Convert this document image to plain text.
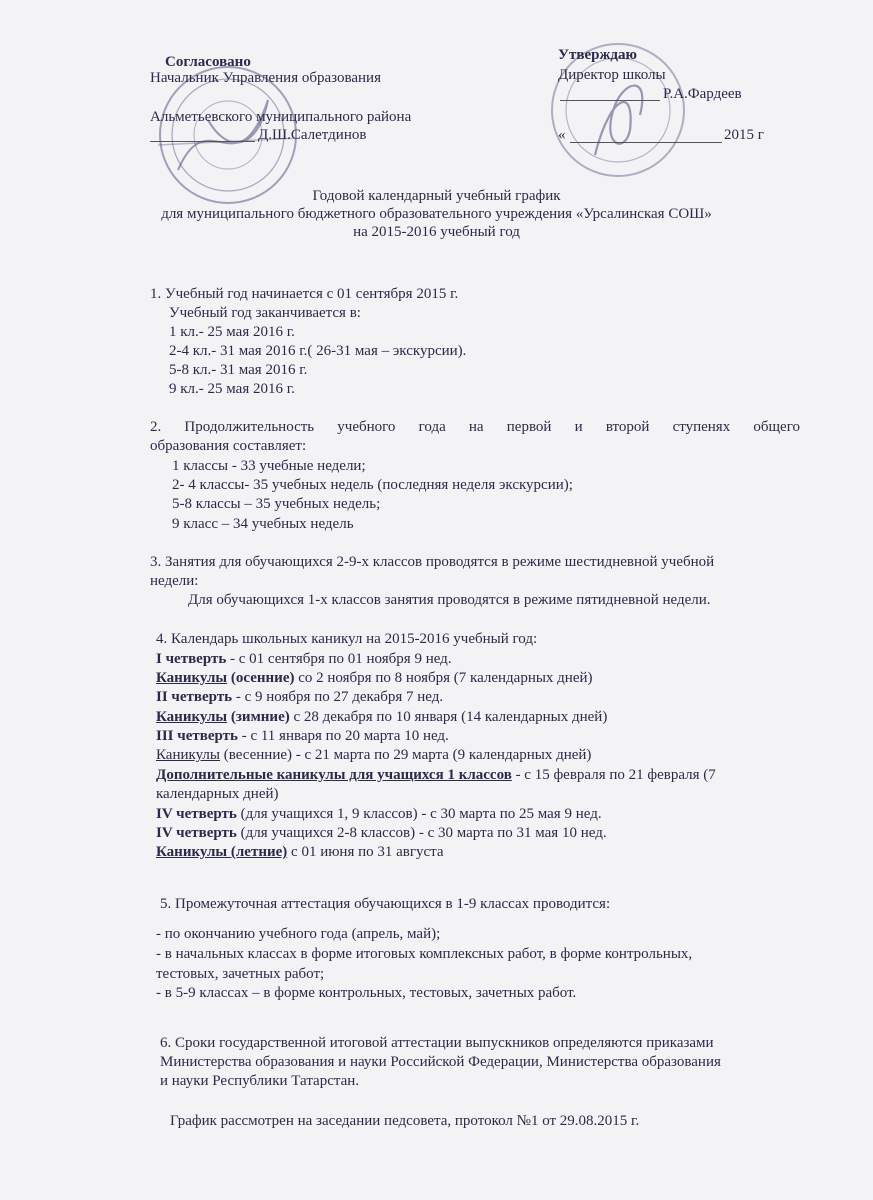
Согласовано
Начальник Управления образования
Альметьевского муниципального района
Д.Ш.Салетдинов
Утверждаю
Директор школы
Р.А.Фардеев
«	2015 г
Годовой календарный учебный график
для муниципального бюджетного образовательного учреждения «Урсалинская СОШ»
на 2015-2016 учебный год
1. Учебный год начинается с 01 сентября 2015 г.
Учебный год заканчивается в:
1 кл.- 25 мая 2016 г.
2-4 кл.- 31 мая 2016 г.( 26-31 мая – экскурсии).
5-8 кл.- 31 мая 2016 г.
9 кл.- 25 мая 2016 г.
2. Продолжительность учебного года на первой и второй ступенях общего
образования составляет:
1 классы - 33 учебные недели;
2- 4 классы- 35 учебных недель (последняя неделя экскурсии);
5-8 классы – 35 учебных недель;
9 класс – 34 учебных недель
3. Занятия для обучающихся 2-9-х классов проводятся в режиме шестидневной учебной
недели:
Для обучающихся 1-х классов занятия проводятся в режиме пятидневной недели.
4. Календарь школьных каникул на 2015-2016 учебный год:
I четверть - с 01 сентября по 01 ноября 9 нед.
Каникулы (осенние) со 2 ноября по 8 ноября (7 календарных дней)
II четверть - с 9 ноября по 27 декабря 7 нед.
Каникулы (зимние) с 28 декабря по 10 января (14 календарных дней)
III четверть - с 11 января по 20 марта 10 нед.
Каникулы (весенние) - с 21 марта по 29 марта (9 календарных дней)
Дополнительные каникулы для учащихся 1 классов - с 15 февраля по 21 февраля (7
календарных дней)
IV четверть (для учащихся 1, 9 классов) - с 30 марта по 25 мая 9 нед.
IV четверть (для учащихся 2-8 классов) - с 30 марта по 31 мая 10 нед.
Каникулы (летние) с 01 июня по 31 августа
5. Промежуточная аттестация обучающихся в 1-9 классах проводится:
- по окончанию учебного года (апрель, май);
- в начальных классах в форме итоговых комплексных работ, в форме контрольных,
тестовых, зачетных работ;
- в 5-9 классах – в форме контрольных, тестовых, зачетных работ.
6. Сроки государственной итоговой аттестации выпускников определяются приказами
Министерства образования и науки Российской Федерации, Министерства образования
и науки Республики Татарстан.
График рассмотрен на заседании педсовета, протокол №1 от 29.08.2015 г.
